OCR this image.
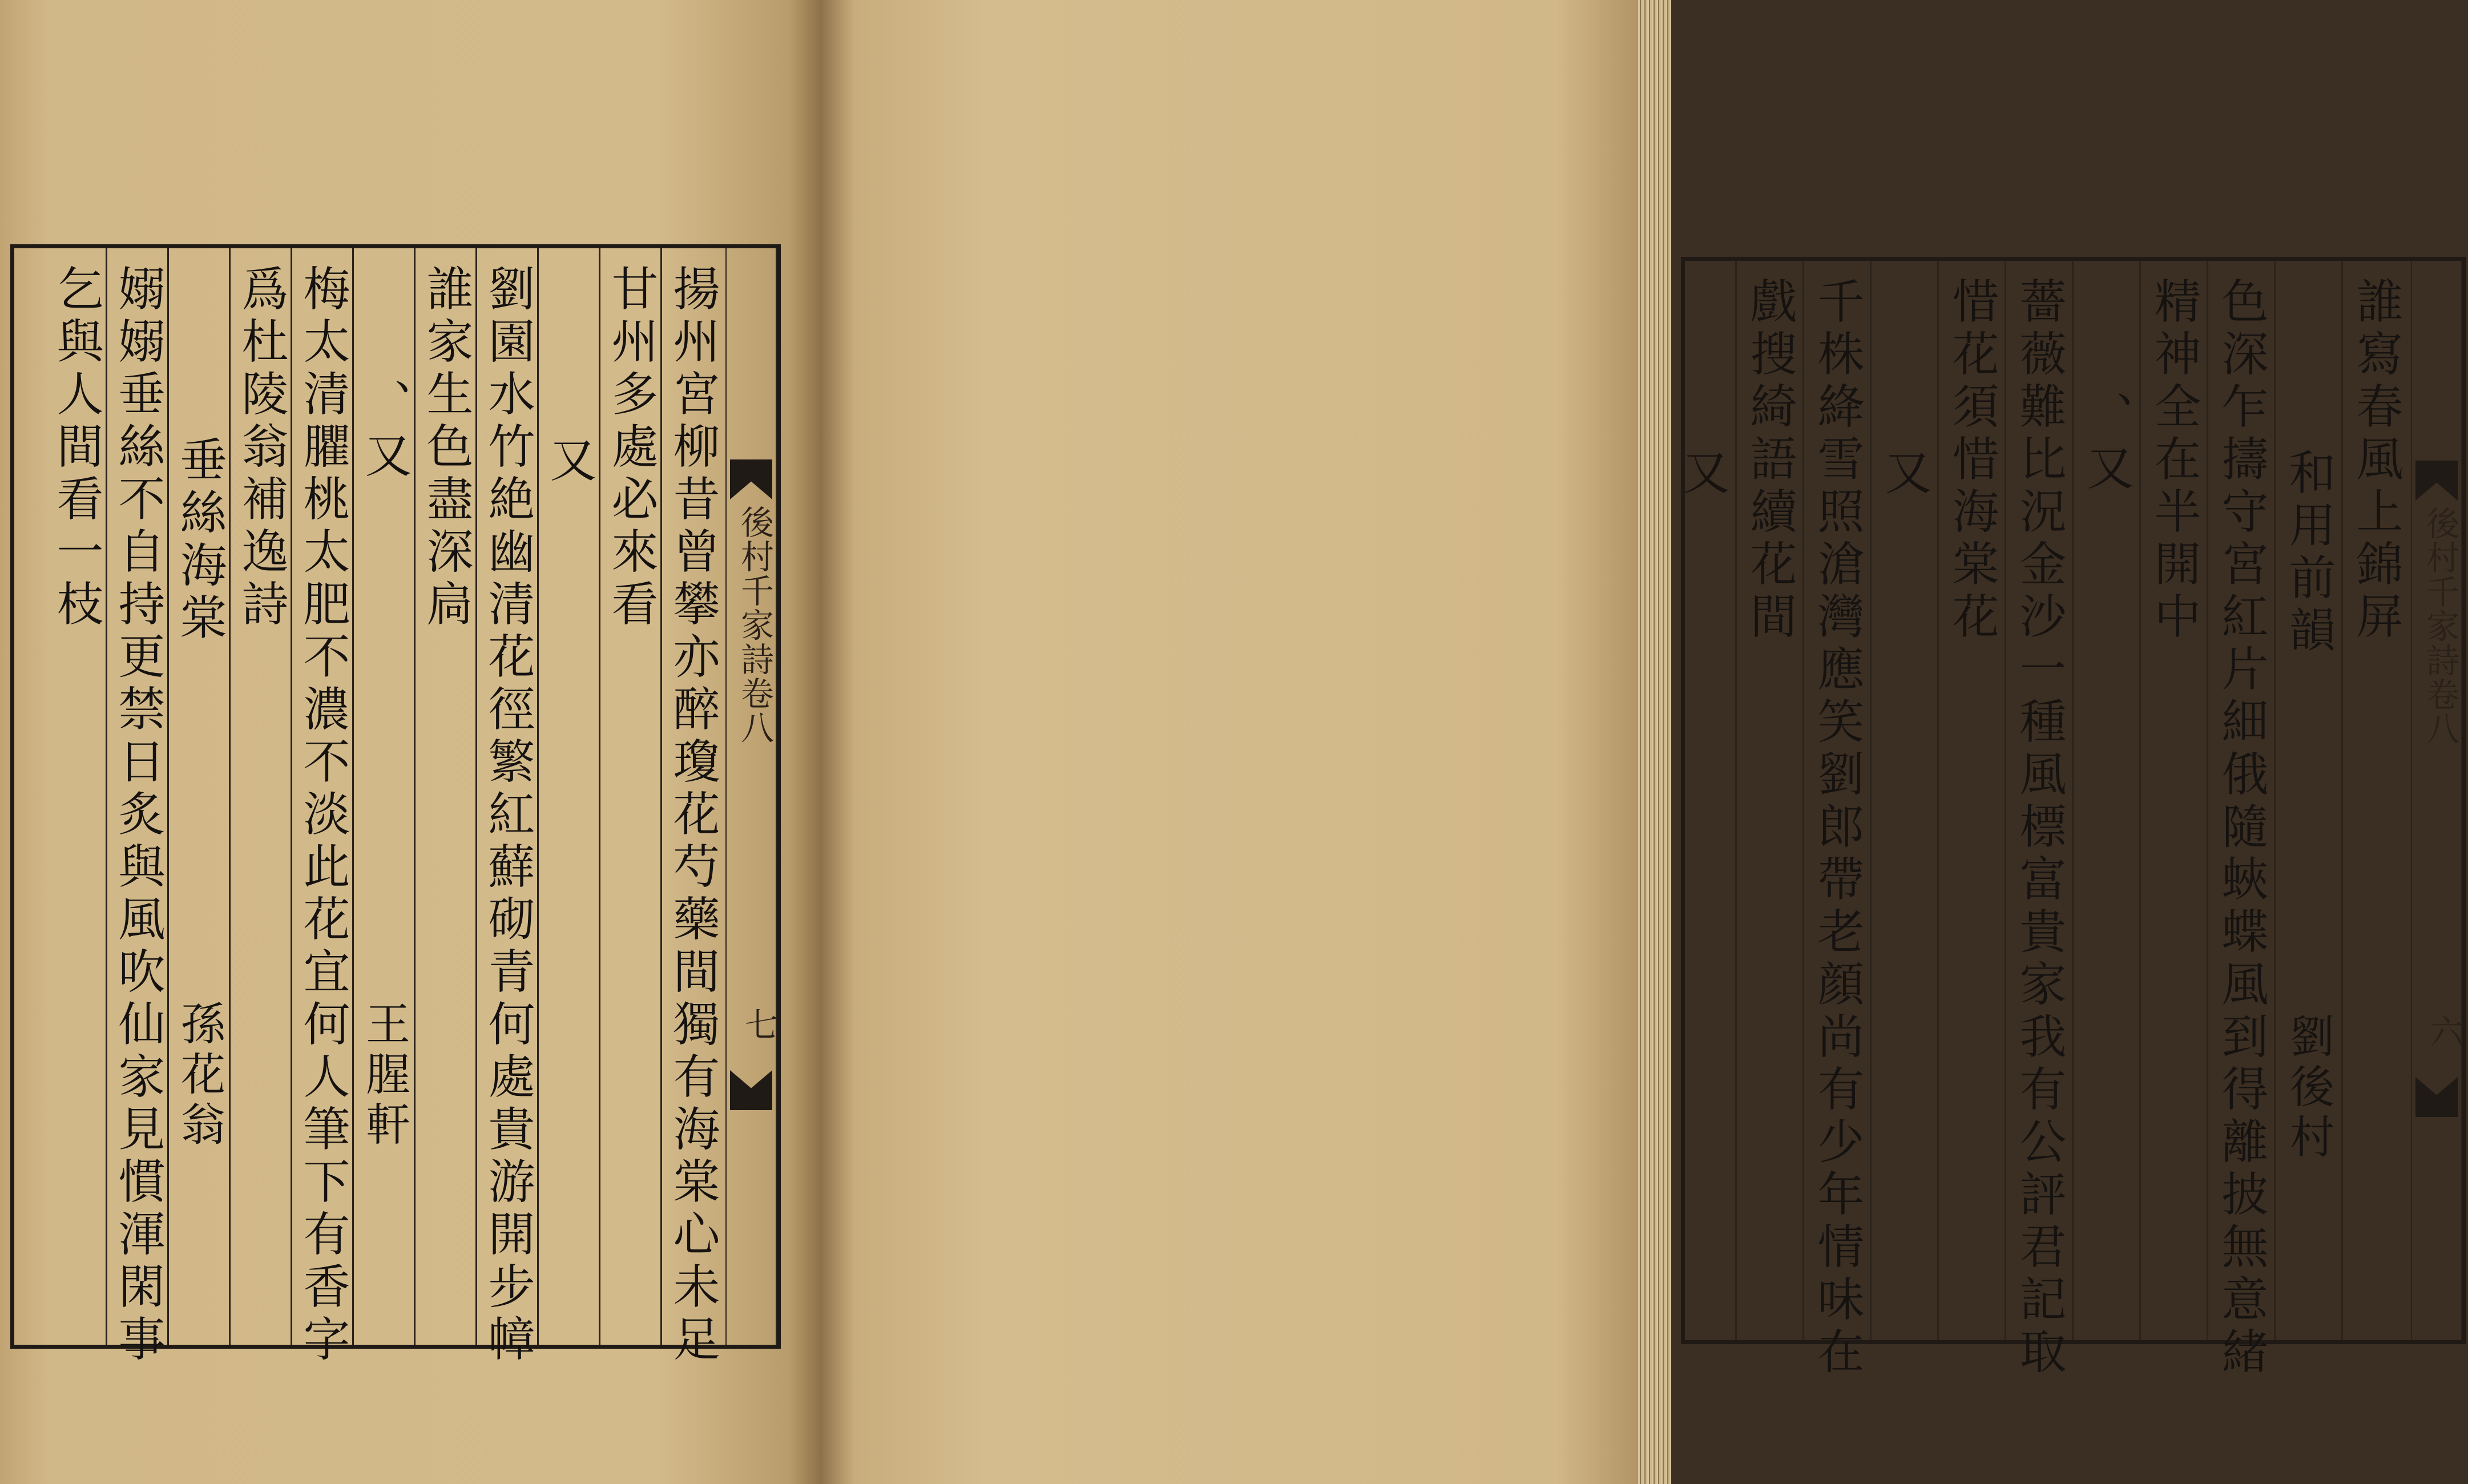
後村千家詩卷八
七
揚州宮柳昔曾攀亦醉瓊花芍藥間獨有海棠心未足
甘州多處必來看
又
劉園水竹絶幽清花徑繁紅蘚砌青何處貴游開步幛
誰家生色盡深扃
、又
王腥軒
梅太清臞桃太肥不濃不淡此花宜何人筆下有香字
爲杜陵翁補逸詩
垂絲海棠
孫花翁
嫋嫋垂絲不自持更禁日炙與風吹仙家見慣渾閑事
乞與人間看一枝	後村千家詩卷八
六
誰寫春風上錦屏
和用前韻
劉後村
色深乍擣守宮紅片細俄隨蛺蝶風到得離披無意緒
精神全在半開中
、又
薔薇難比況金沙一種風標富貴家我有公評君記取
惜花須惜海棠花
又
千株絳雪照滄灣應笑劉郎帶老顔尚有少年情味在
戲搜綺語續花間
又
